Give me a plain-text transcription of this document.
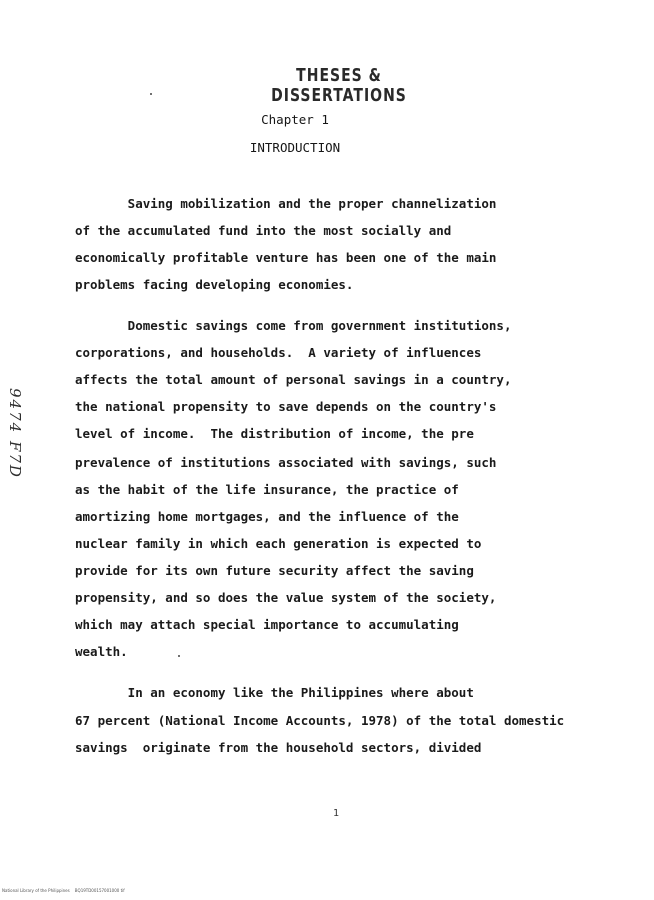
THESES & DISSERTATIONS
Chapter 1
INTRODUCTION
Saving mobilization and the proper channelization
of the accumulated fund into the most socially and
economically profitable venture has been one of the main
problems facing developing economies.
Domestic savings come from government institutions,
corporations, and households.  A variety of influences
affects the total amount of personal savings in a country,
the national propensity to save depends on the country's
level of income.  The distribution of income, the pre
prevalence of institutions associated with savings, such
as the habit of the life insurance, the practice of
amortizing home mortgages, and the influence of the
nuclear family in which each generation is expected to
provide for its own future security affect the saving
propensity, and so does the value system of the society,
which may attach special importance to accumulating
wealth.
In an economy like the Philippines where about
67 percent (National Income Accounts, 1978) of the total domestic
savings  originate from the household sectors, divided
9474 F7D
1
National Library of the Philippines    BQ19TD00157001000 tif
